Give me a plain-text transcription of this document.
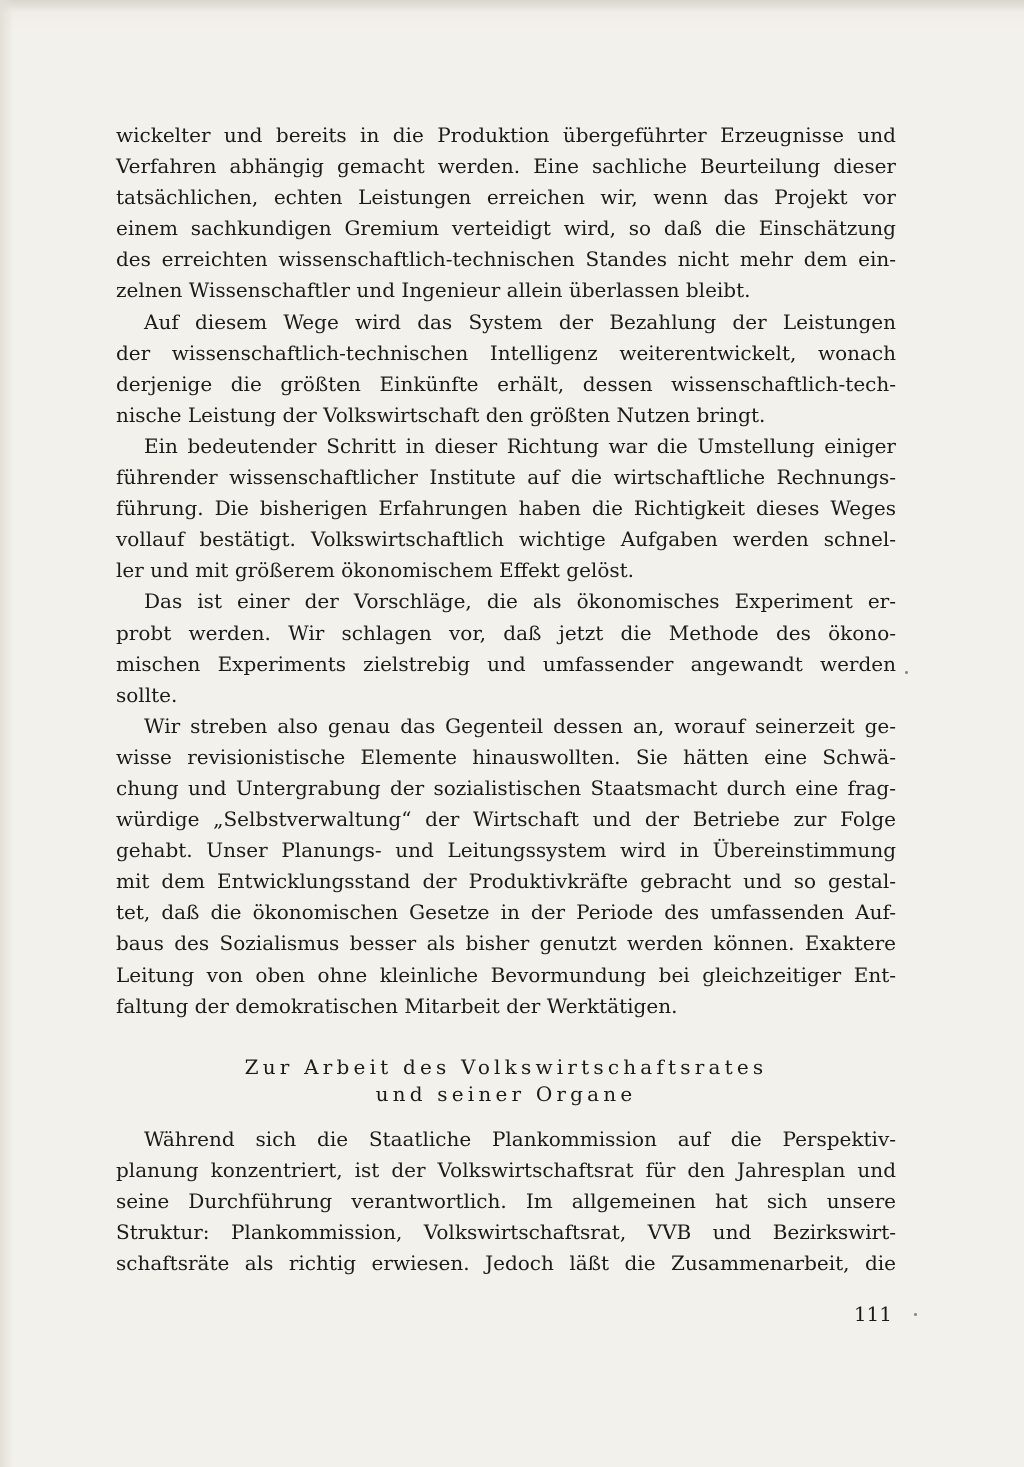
wickelter und bereits in die Produktion übergeführter Erzeugnisse und
Verfahren abhängig gemacht werden. Eine sachliche Beurteilung dieser
tatsächlichen, echten Leistungen erreichen wir, wenn das Projekt vor
einem sachkundigen Gremium verteidigt wird, so daß die Einschätzung
des erreichten wissenschaftlich-technischen Standes nicht mehr dem ein-
zelnen Wissenschaftler und Ingenieur allein überlassen bleibt.
Auf diesem Wege wird das System der Bezahlung der Leistungen
der wissenschaftlich-technischen Intelligenz weiterentwickelt, wonach
derjenige die größten Einkünfte erhält, dessen wissenschaftlich-tech-
nische Leistung der Volkswirtschaft den größten Nutzen bringt.
Ein bedeutender Schritt in dieser Richtung war die Umstellung einiger
führender wissenschaftlicher Institute auf die wirtschaftliche Rechnungs-
führung. Die bisherigen Erfahrungen haben die Richtigkeit dieses Weges
vollauf bestätigt. Volkswirtschaftlich wichtige Aufgaben werden schnel-
ler und mit größerem ökonomischem Effekt gelöst.
Das ist einer der Vorschläge, die als ökonomisches Experiment er-
probt werden. Wir schlagen vor, daß jetzt die Methode des ökono-
mischen Experiments zielstrebig und umfassender angewandt werden
sollte.
Wir streben also genau das Gegenteil dessen an, worauf seinerzeit ge-
wisse revisionistische Elemente hinauswollten. Sie hätten eine Schwä-
chung und Untergrabung der sozialistischen Staatsmacht durch eine frag-
würdige „Selbstverwaltung“ der Wirtschaft und der Betriebe zur Folge
gehabt. Unser Planungs- und Leitungssystem wird in Übereinstimmung
mit dem Entwicklungsstand der Produktivkräfte gebracht und so gestal-
tet, daß die ökonomischen Gesetze in der Periode des umfassenden Auf-
baus des Sozialismus besser als bisher genutzt werden können. Exaktere
Leitung von oben ohne kleinliche Bevormundung bei gleichzeitiger Ent-
faltung der demokratischen Mitarbeit der Werktätigen.
Zur Arbeit des Volkswirtschaftsrates
und seiner Organe
Während sich die Staatliche Plankommission auf die Perspektiv-
planung konzentriert, ist der Volkswirtschaftsrat für den Jahresplan und
seine Durchführung verantwortlich. Im allgemeinen hat sich unsere
Struktur: Plankommission, Volkswirtschaftsrat, VVB und Bezirkswirt-
schaftsräte als richtig erwiesen. Jedoch läßt die Zusammenarbeit, die
111
